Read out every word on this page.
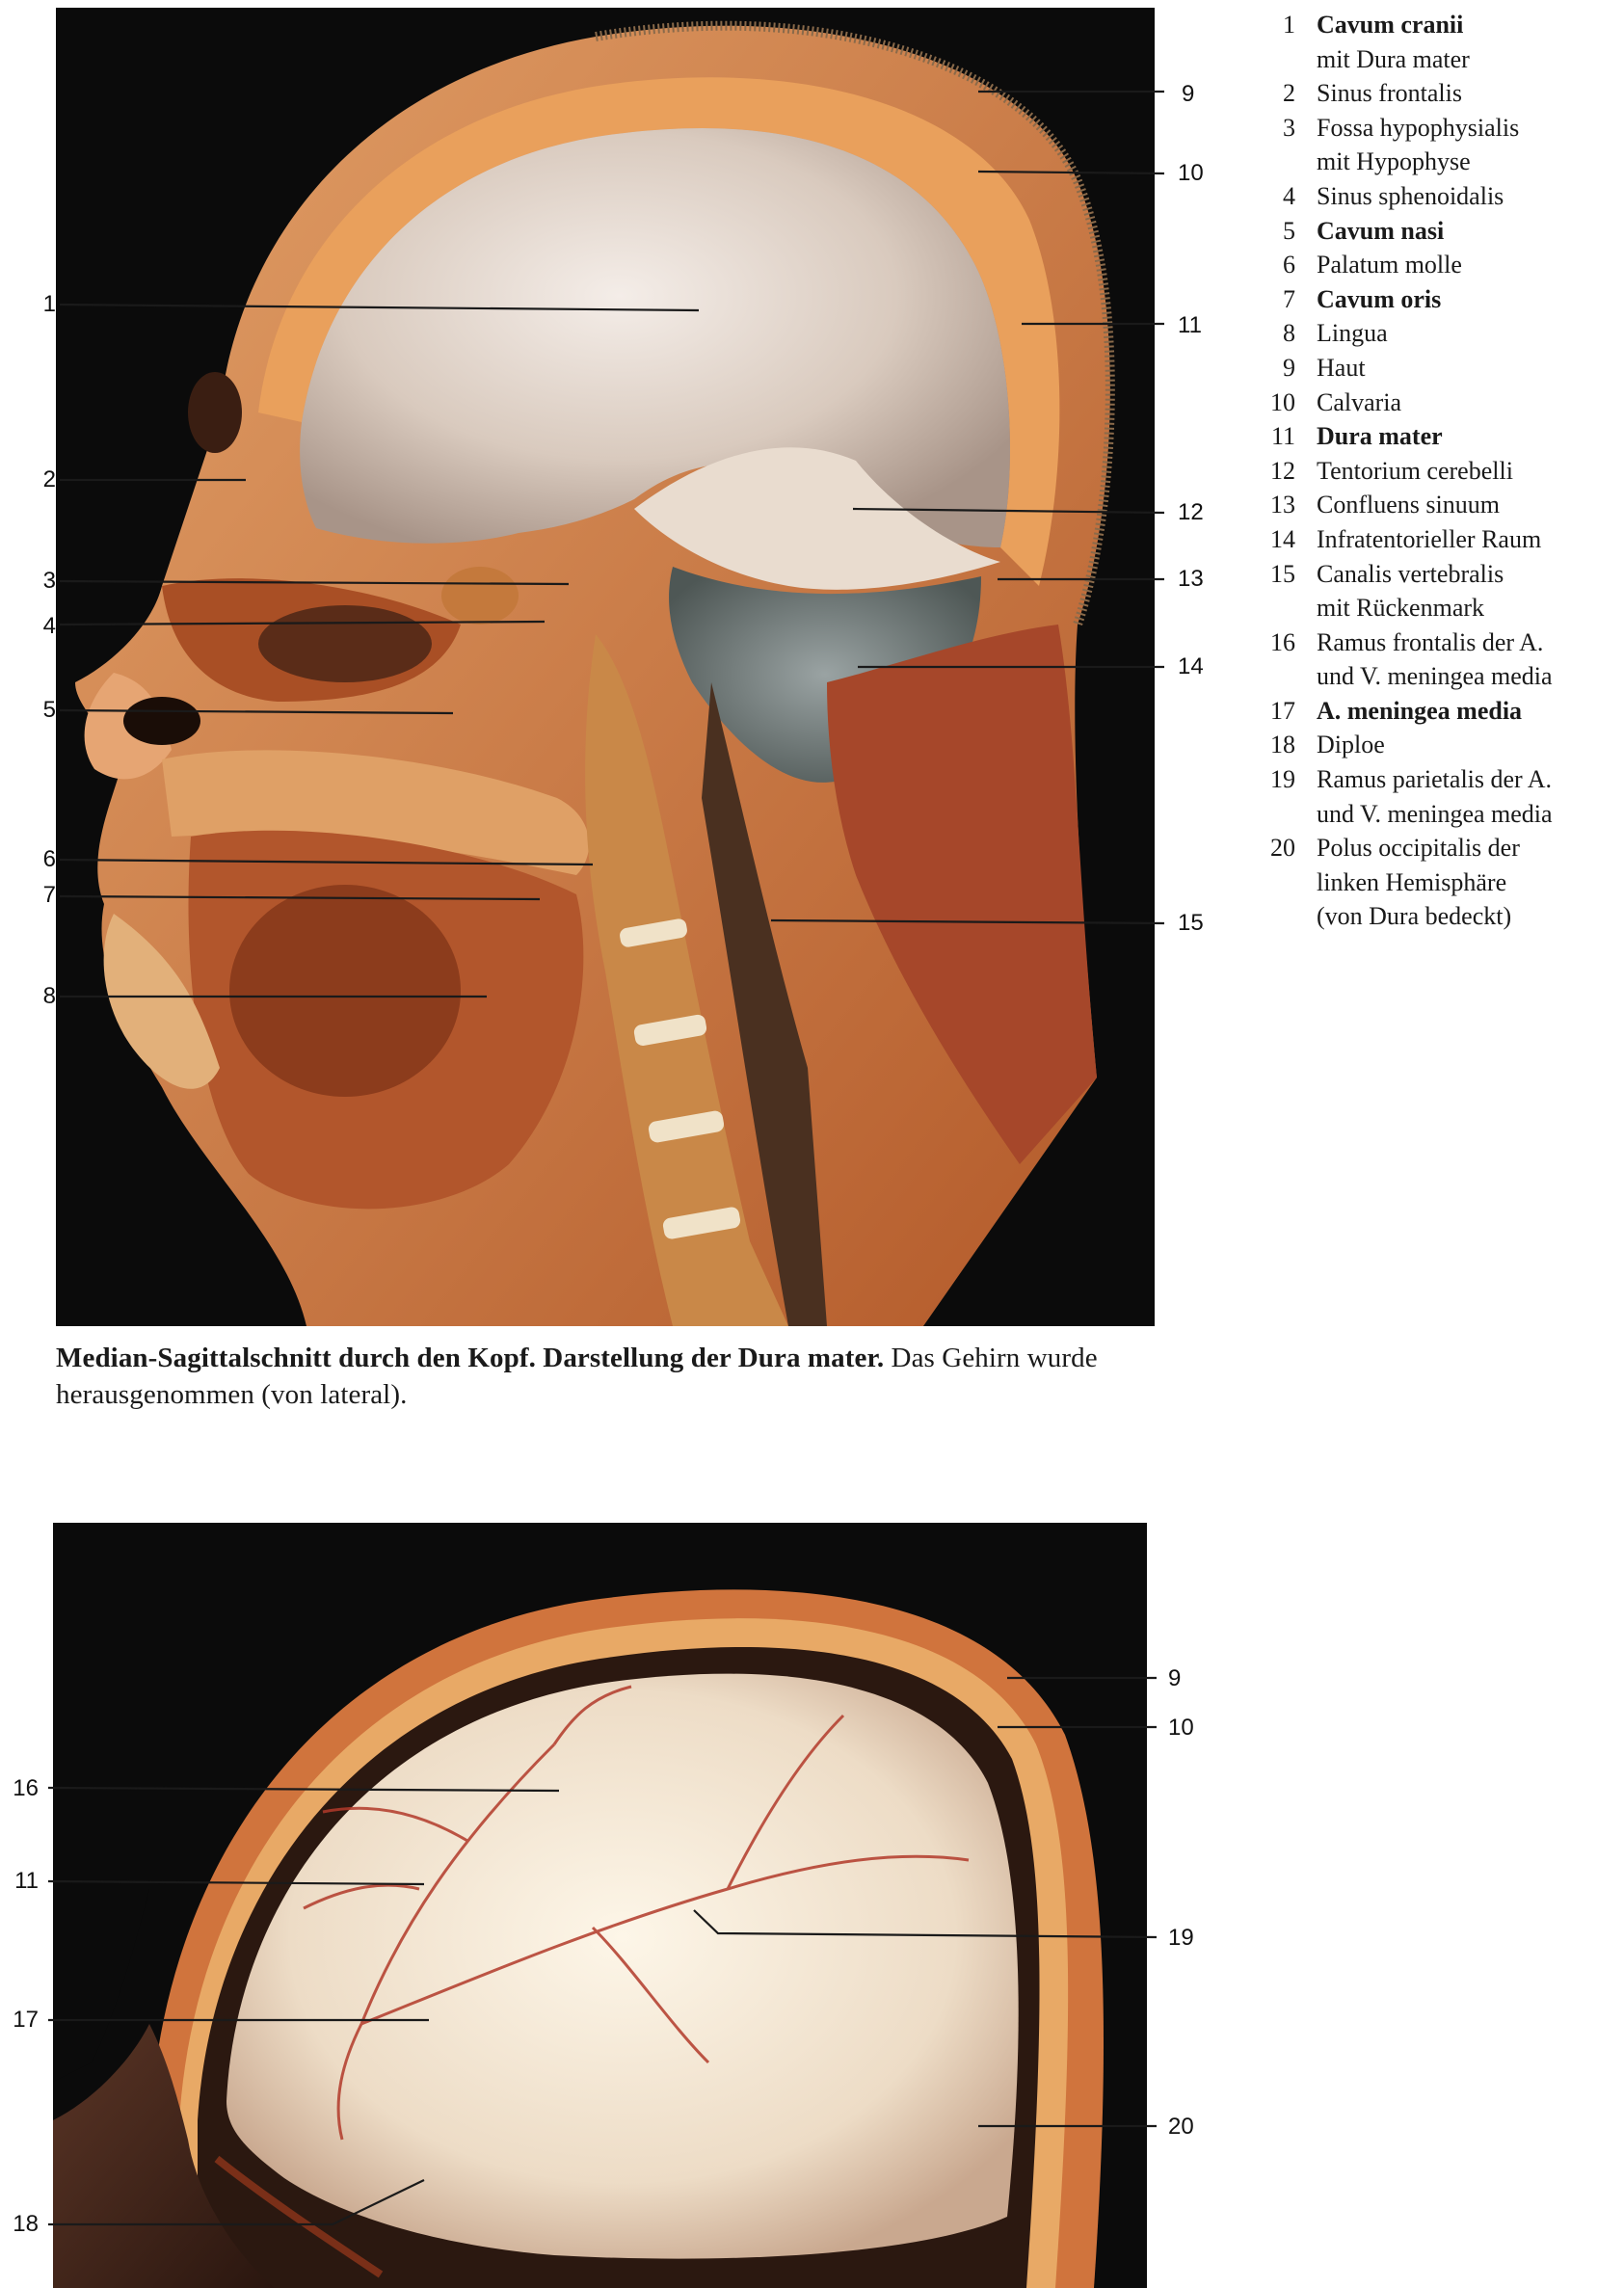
1
2
3
4
5
6
7
8
9
10
11
12
13
14
15
16
11
17
18
9
10
19
20
1 Cavum cranii
mit Dura mater
2 Sinus frontalis
3 Fossa hypophysialis
mit Hypophyse
4 Sinus sphenoidalis
5 Cavum nasi
6 Palatum molle
7 Cavum oris
8 Lingua
9 Haut
10 Calvaria
11 Dura mater
12 Tentorium cerebelli
13 Confluens sinuum
14 Infratentorieller Raum
15 Canalis vertebralis
mit Rückenmark
16 Ramus frontalis der A.
und V. meningea media
17 A. meningea media
18 Diploe
19 Ramus parietalis der A.
und V. meningea media
20 Polus occipitalis der
linken Hemisphäre
(von Dura bedeckt)
Median-Sagittalschnitt durch den Kopf. Darstellung der Dura mater. Das Gehirn wurde herausgenommen (von lateral).
